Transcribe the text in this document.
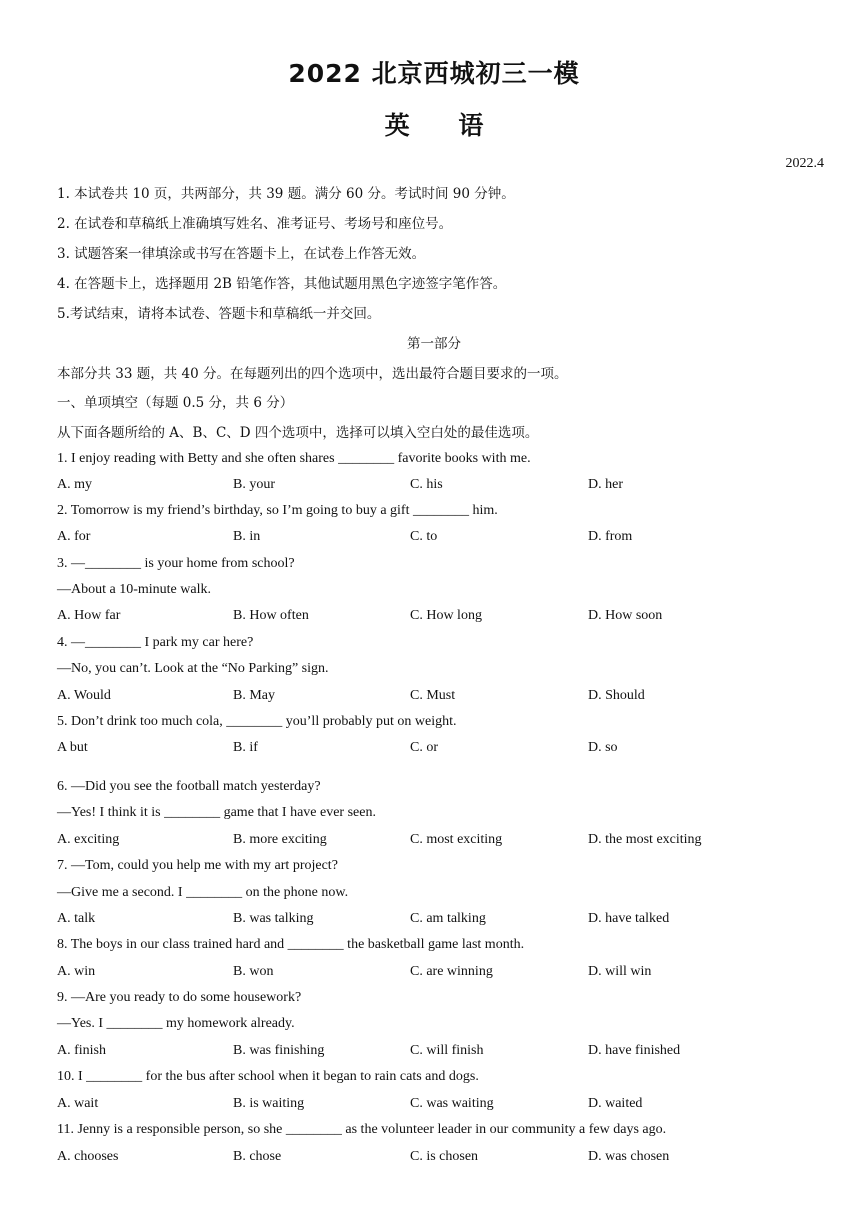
2022 北京西城初三一模
英 语
2022.4
1. 本试卷共 10 页，共两部分，共 39 题。满分 60 分。考试时间 90 分钟。
2. 在试卷和草稿纸上准确填写姓名、准考证号、考场号和座位号。
3. 试题答案一律填涂或书写在答题卡上，在试卷上作答无效。
4. 在答题卡上，选择题用 2B 铅笔作答，其他试题用黑色字迹签字笔作答。
5.考试结束，请将本试卷、答题卡和草稿纸一并交回。
第一部分
本部分共 33 题，共 40 分。在每题列出的四个选项中，选出最符合题目要求的一项。
一、单项填空（每题 0.5 分，共 6 分）
从下面各题所给的 A、B、C、D 四个选项中，选择可以填入空白处的最佳选项。
1. I enjoy reading with Betty and she often shares ________ favorite books with me.
A. my	B. your	C. his	D. her
2. Tomorrow is my friend’s birthday, so I’m going to buy a gift ________ him.
A. for	B. in	C. to	D. from
3. —________ is your home from school?
—About a 10-minute walk.
A. How far	B. How often	C. How long	D. How soon
4. —________ I park my car here?
—No, you can’t. Look at the “No Parking” sign.
A. Would	B. May	C. Must	D. Should
5. Don’t drink too much cola, ________ you’ll probably put on weight.
A but	B. if	C. or	D. so
6. —Did you see the football match yesterday?
—Yes! I think it is ________ game that I have ever seen.
A. exciting	B. more exciting	C. most exciting	D. the most exciting
7. —Tom, could you help me with my art project?
—Give me a second. I ________ on the phone now.
A. talk	B. was talking	C. am talking	D. have talked
8. The boys in our class trained hard and ________ the basketball game last month.
A. win	B. won	C. are winning	D. will win
9. —Are you ready to do some housework?
—Yes. I ________ my homework already.
A. finish	B. was finishing	C. will finish	D. have finished
10. I ________ for the bus after school when it began to rain cats and dogs.
A. wait	B. is waiting	C. was waiting	D. waited
11. Jenny is a responsible person, so she ________ as the volunteer leader in our community a few days ago.
A. chooses	B. chose	C. is chosen	D. was chosen
